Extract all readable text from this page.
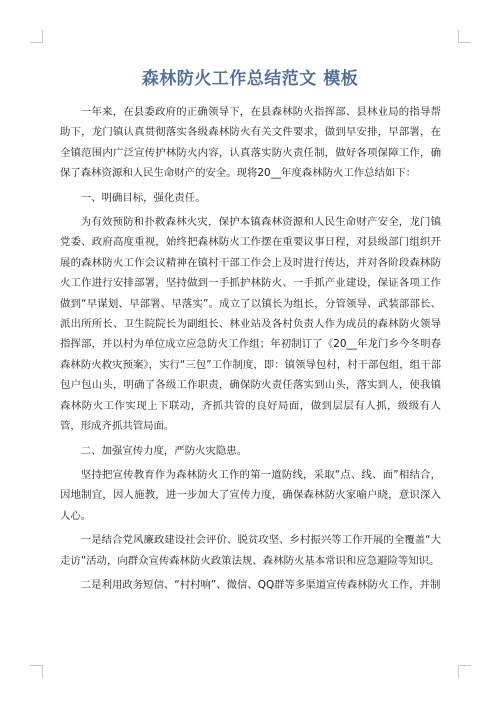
森林防火工作总结范文 模板

一年来，在县委政府的正确领导下，在县森林防火指挥部、县林业局的指导帮助下，龙门镇认真贯彻落实各级森林防火有关文件要求，做到早安排，早部署，在全镇范围内广泛宣传护林防火内容，认真落实防火责任制，做好各项保障工作，确保了森林资源和人民生命财产的安全。现将20__年度森林防火工作总结如下：

一、明确目标，强化责任。

为有效预防和扑救森林火灾，保护本镇森林资源和人民生命财产安全，龙门镇党委、政府高度重视，始终把森林防火工作摆在重要议事日程，对县级部门组织开展的森林防火工作会议精神在镇村干部工作会上及时进行传达，并对各阶段森林防火工作进行安排部署，坚持做到一手抓护林防火、一手抓产业建设，保证各项工作做到“早谋划、早部署、早落实”。成立了以镇长为组长，分管领导、武装部部长、派出所所长、卫生院院长为副组长、林业站及各村负责人作为成员的森林防火领导指挥部，并以村为单位成立应急防火工作组；年初制订了《20__年龙门乡今冬明春森林防火救灾预案》，实行“三包”工作制度，即：镇领导包村，村干部包组，组干部包户包山头，明确了各级工作职责，确保防火责任落实到山头，落实到人，使我镇森林防火工作实现上下联动，齐抓共管的良好局面，做到层层有人抓，级级有人管，形成齐抓共管局面。

二、加强宣传力度，严防火灾隐患。

坚持把宣传教育作为森林防火工作的第一道防线，采取“点、线、面”相结合，因地制宜，因人施教，进一步加大了宣传力度，确保森林防火家喻户晓，意识深入人心。

一是结合党风廉政建设社会评价、脱贫攻坚、乡村振兴等工作开展的全覆盖“大走访”活动，向群众宣传森林防火政策法规、森林防火基本常识和应急避险等知识。

二是利用政务短信、“村村响”、微信、QQ群等多渠道宣传森林防火工作，并制
